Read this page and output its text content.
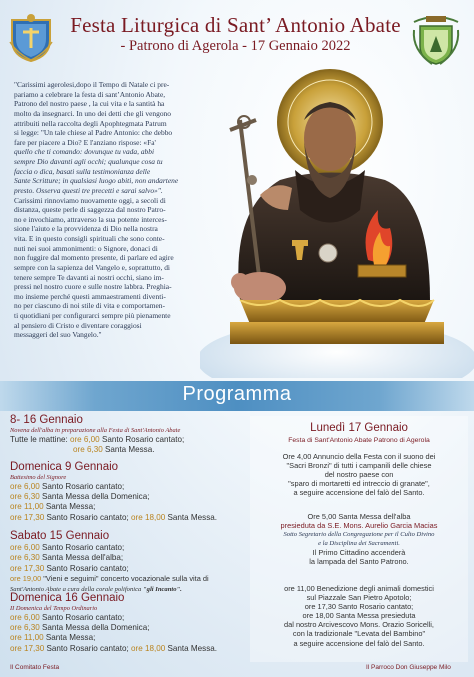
Festa Liturgica di Sant’ Antonio Abate
- Patrono di Agerola - 17 Gennaio 2022
"Carissimi agerolesi,dopo il Tempo di Natale ci pre-
pariamo a celebrare la festa di sant’Antonio Abate,
Patrono del nostro paese , la cui vita e la santità ha
molto da insegnarci. In uno dei detti che gli vengono
attribuiti nella raccolta degli Apophtegmata Patrum
si legge: "Un tale chiese al Padre Antonio: che debbo
fare per piacere a Dio? E l'anziano rispose: «Fa'
quello che ti comando: dovunque tu vada, abbi
sempre Dio davanti agli occhi; qualunque cosa tu
faccia o dica, basati sulla testimonianza delle
Sante Scritture; in qualsiasi luogo abiti, non andartene
presto. Osserva questi tre precetti e sarai salvo»".
Carissimi rinnoviamo nuovamente oggi, a secoli di
distanza, queste perle di saggezza dal nostro Patro-
no e invochiamo, attraverso la sua potente interces-
sione l'aiuto e la provvidenza di Dio nella nostra
vita. E in questo consigli spirituali che sono conte-
nuti nei suoi ammonimenti: o Signore, donaci di
non fuggire dal momento presente, di parlare ed agire
sempre con la sapienza del Vangelo e, soprattutto, di
tenere sempre Te davanti ai nostri occhi, siano im-
pressi nel nostro cuore e sulle nostre labbra. Preghia-
mo insieme perché questi ammaestramenti diventi-
no per ciascuno di noi stile di vita e comportamen-
ti quotidiani per configurarci sempre più pienamente
al pensiero di Cristo e diventare coraggiosi
messaggeri del suo Vangelo."
Programma
8- 16 Gennaio
Novena dell'alba in preparazione alla Festa di Sant'Antonio Abate
Tutte le mattine: ore 6,00 Santo Rosario cantato;
ore 6,30 Santa Messa.
Domenica 9 Gennaio
Battesimo del Signore
ore 6,00 Santo Rosario cantato;
ore 6,30 Santa Messa della Domenica;
ore 11,00 Santa Messa;
ore 17,30 Santo Rosario cantato; ore 18,00 Santa Messa.
Sabato 15 Gennaio
ore 6,00 Santo Rosario cantato;
ore 6,30 Santa Messa dell'alba;
ore 17,30 Santo Rosario cantato;
ore 19,00 "Vieni e seguimi" concerto vocazionale sulla vita di
Sant'Antonio Abate a cura della corale polifonica "gli Incanto".
Domenica 16 Gennaio
II Domenica del Tempo Ordinario
ore 6,00 Santo Rosario cantato;
ore 6,30 Santa Messa della Domenica;
ore 11,00 Santa Messa;
ore 17,30 Santo Rosario cantato; ore 18,00 Santa Messa.
Lunedì 17 Gennaio
Festa di Sant'Antonio Abate Patrono di Agerola
Ore 4,00 Annuncio della Festa con il suono dei
"Sacri Bronzi" di tutti i campanili delle chiese
del nostro paese con
"sparo di mortaretti ed intreccio di granate",
a seguire accensione del falò del Santo.
Ore 5,00 Santa Messa dell'alba
presieduta da S.E. Mons. Aurelio Garcia Macias
Sotto Segretario della Congregazione per il Culto Divino
e la Disciplina dei Sacramenti.
Il Primo Cittadino accenderà
la lampada del Santo Patrono.
ore 11,00 Benedizione degli animali domestici
sul Piazzale San Pietro Apotolo;
ore 17,30 Santo Rosario cantato;
ore 18,00 Santa Messa presieduta
dal nostro Arcivescovo Mons. Orazio Soricelli,
con la tradizionale "Levata del Bambino"
a seguire accensione del falò del Santo.
Il Comitato Festa	Il Parroco Don Giuseppe Milo
